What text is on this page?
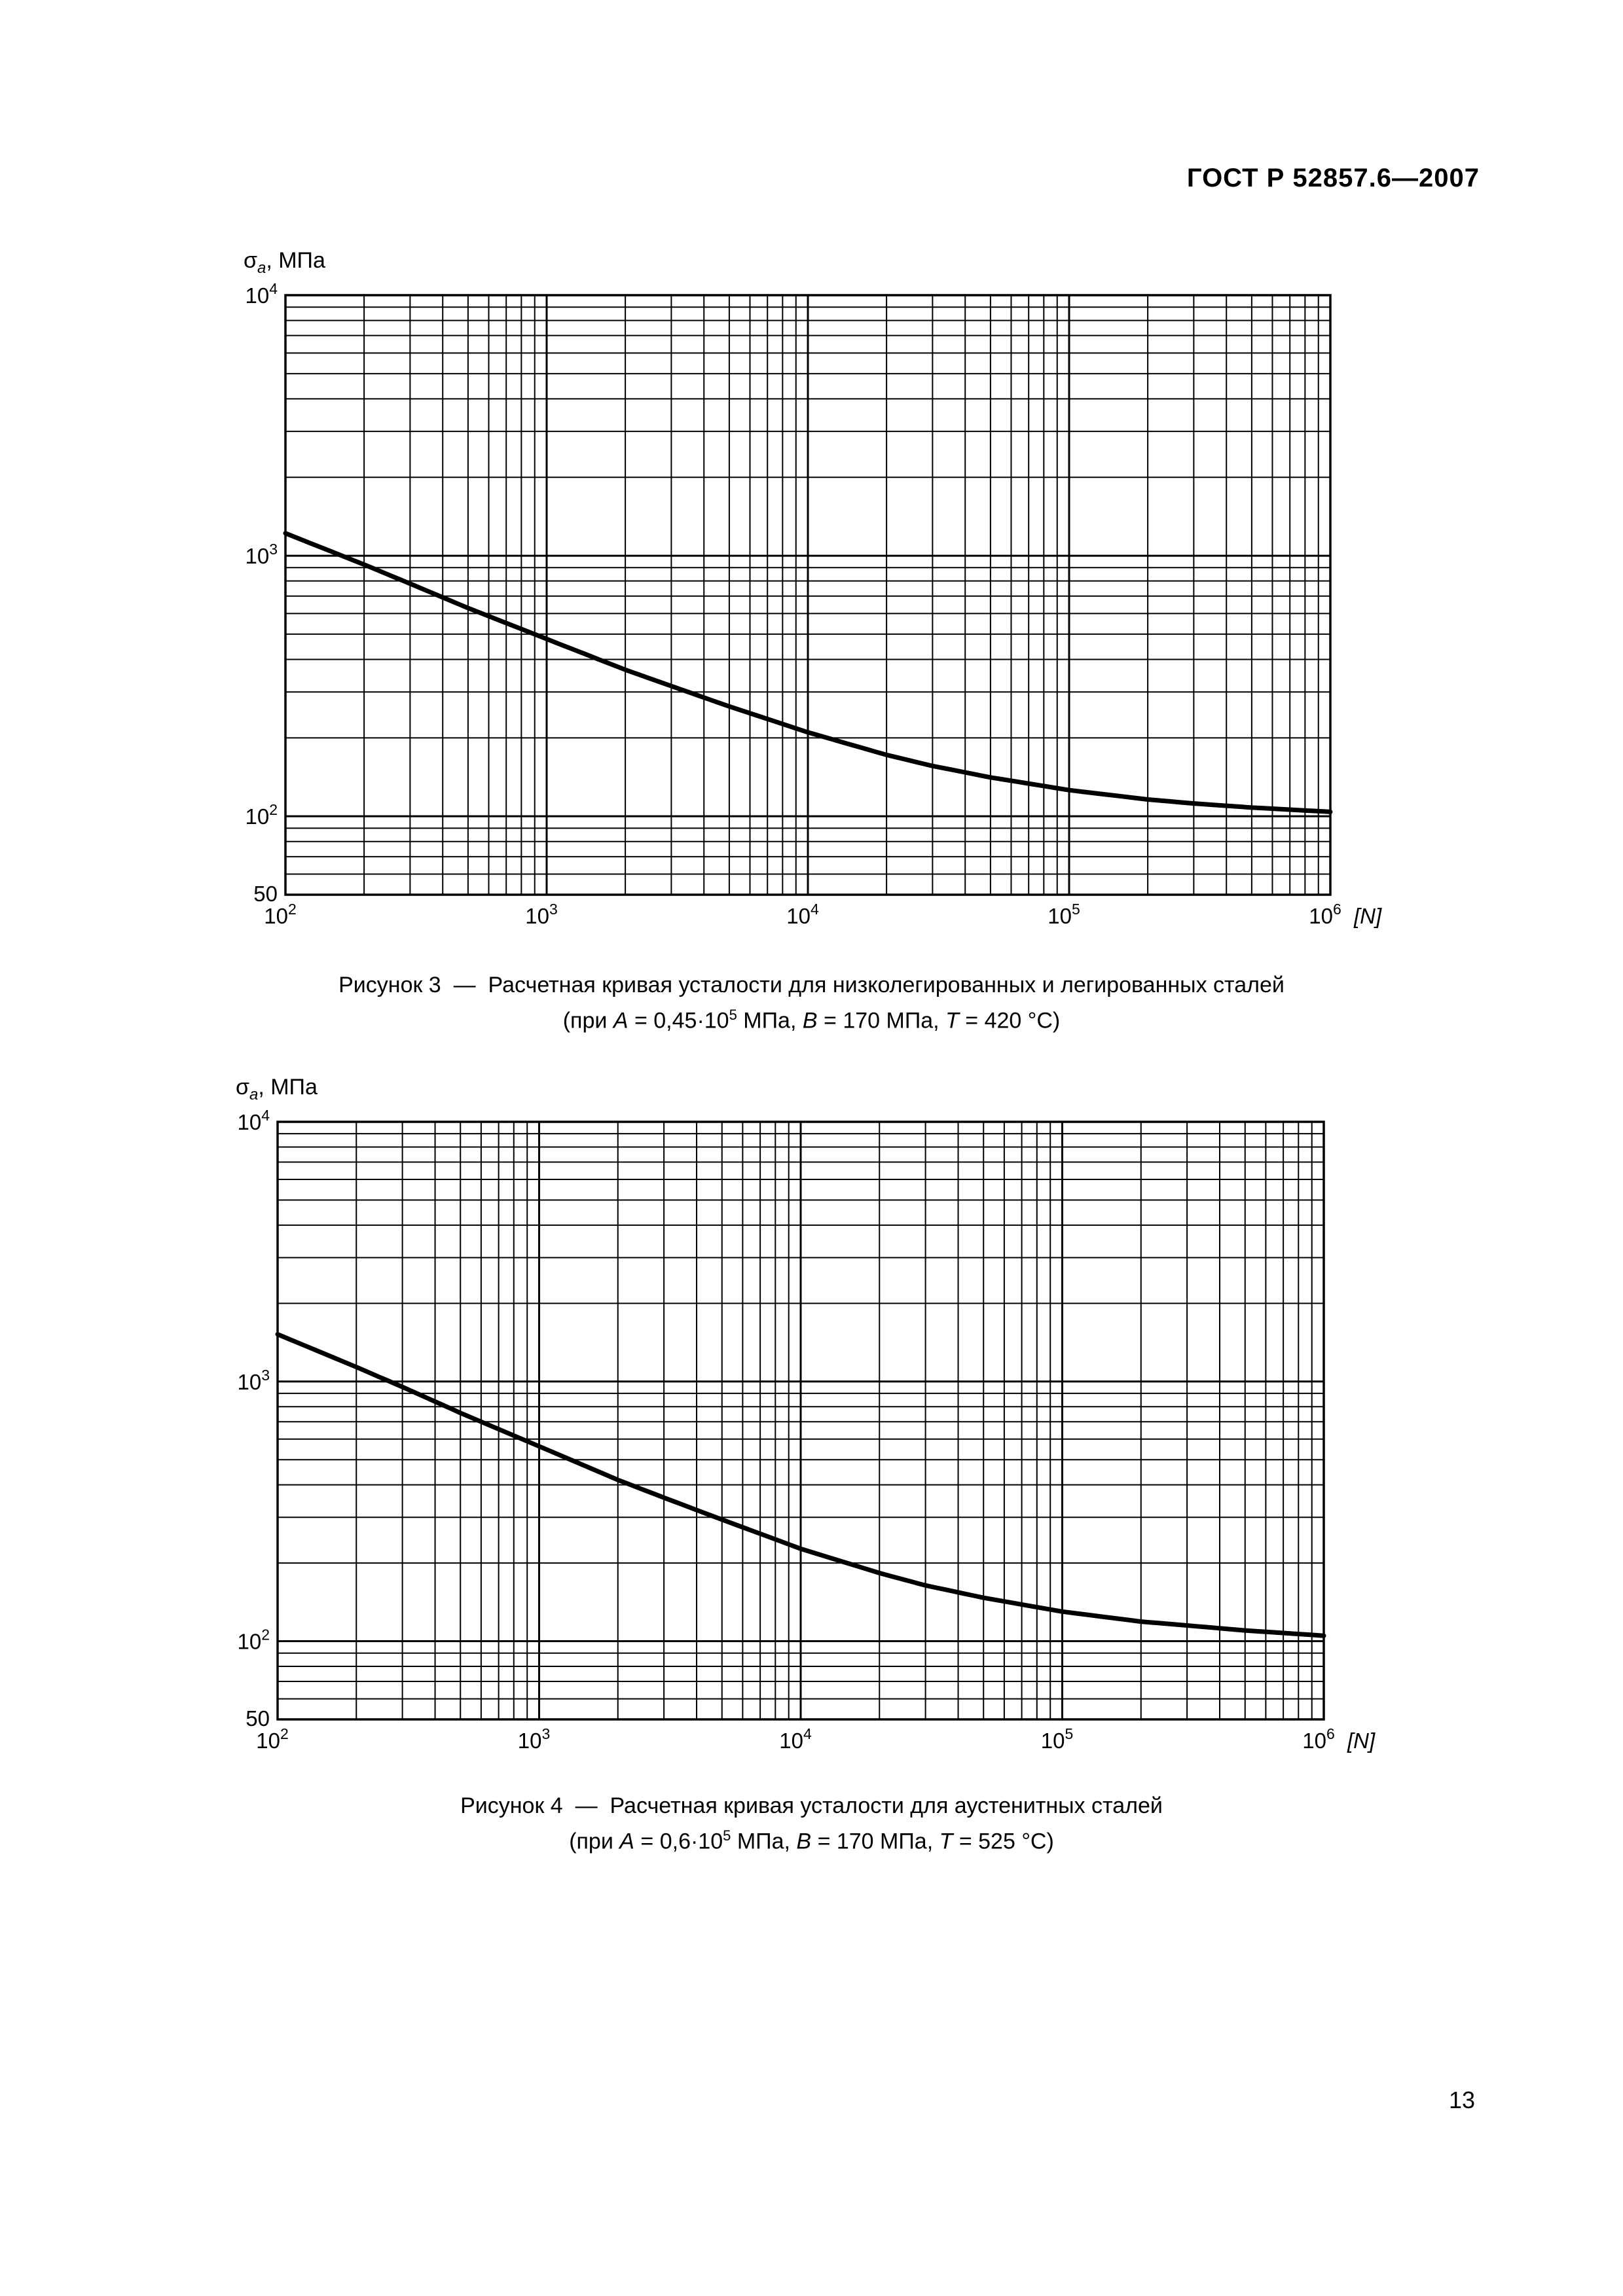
ГОСТ Р 52857.6—2007
$10^4$
$10^3$
$10^2$
50
$10^2$	$10^3$	$10^4$	$10^5$	$10^6$
$\sigma_a$, МПа
[N]
$10^4$
$10^3$
$10^2$
50
$10^2$	$10^3$	$10^4$	$10^5$	$10^6$
$\sigma_a$, МПа
[N]
Рисунок 3 — Расчетная кривая усталости для низколегированных и легированных сталей
(при $A = 0,45\cdot 10^5$ МПа, B = 170 МПа, T = 420 °C)
Рисунок 4 — Расчетная кривая усталости для аустенитных сталей
(при $A = 0,6\cdot 10^5$ МПа, B = 170 МПа, T = 525 °C)
13
